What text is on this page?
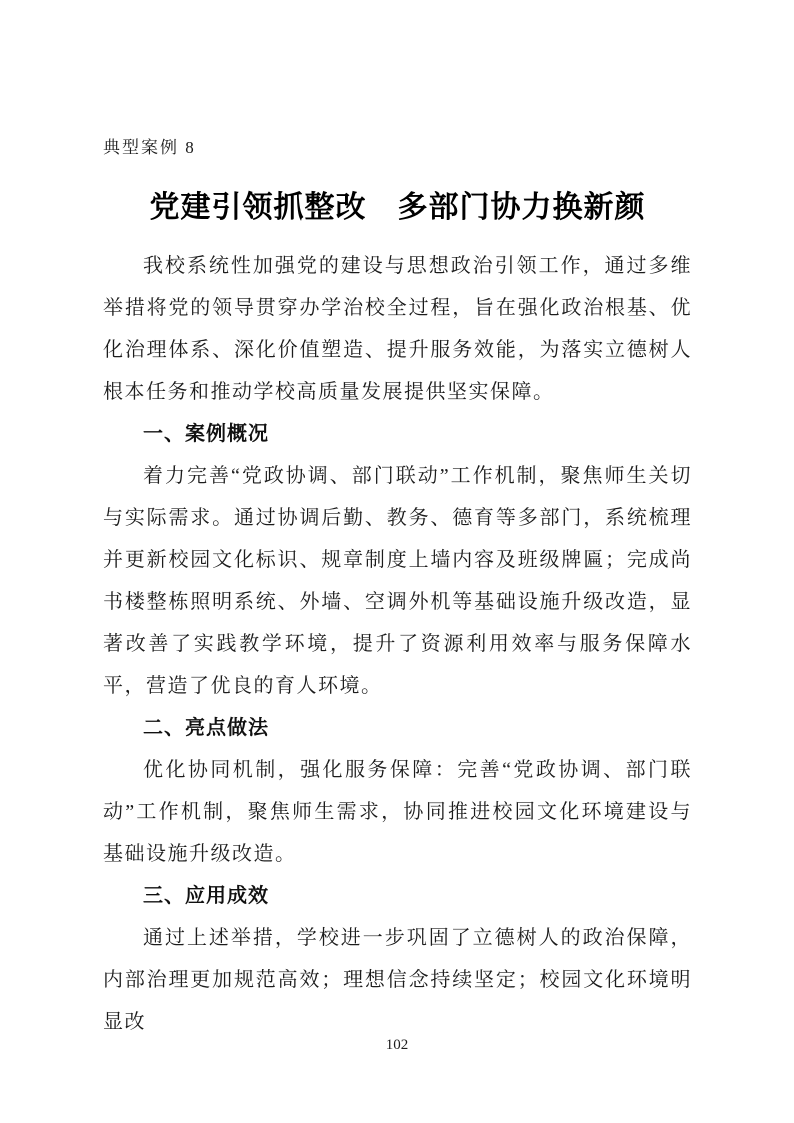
典型案例 8
党建引领抓整改　多部门协力换新颜

我校系统性加强党的建设与思想政治引领工作，通过多维举措将党的领导贯穿办学治校全过程，旨在强化政治根基、优化治理体系、深化价值塑造、提升服务效能，为落实立德树人根本任务和推动学校高质量发展提供坚实保障。

一、案例概况

着力完善“党政协调、部门联动”工作机制，聚焦师生关切与实际需求。通过协调后勤、教务、德育等多部门，系统梳理并更新校园文化标识、规章制度上墙内容及班级牌匾；完成尚书楼整栋照明系统、外墙、空调外机等基础设施升级改造，显著改善了实践教学环境，提升了资源利用效率与服务保障水平，营造了优良的育人环境。

二、亮点做法

优化协同机制，强化服务保障：完善“党政协调、部门联动”工作机制，聚焦师生需求，协同推进校园文化环境建设与基础设施升级改造。

三、应用成效

通过上述举措，学校进一步巩固了立德树人的政治保障，内部治理更加规范高效；理想信念持续坚定；校园文化环境明显改

102
